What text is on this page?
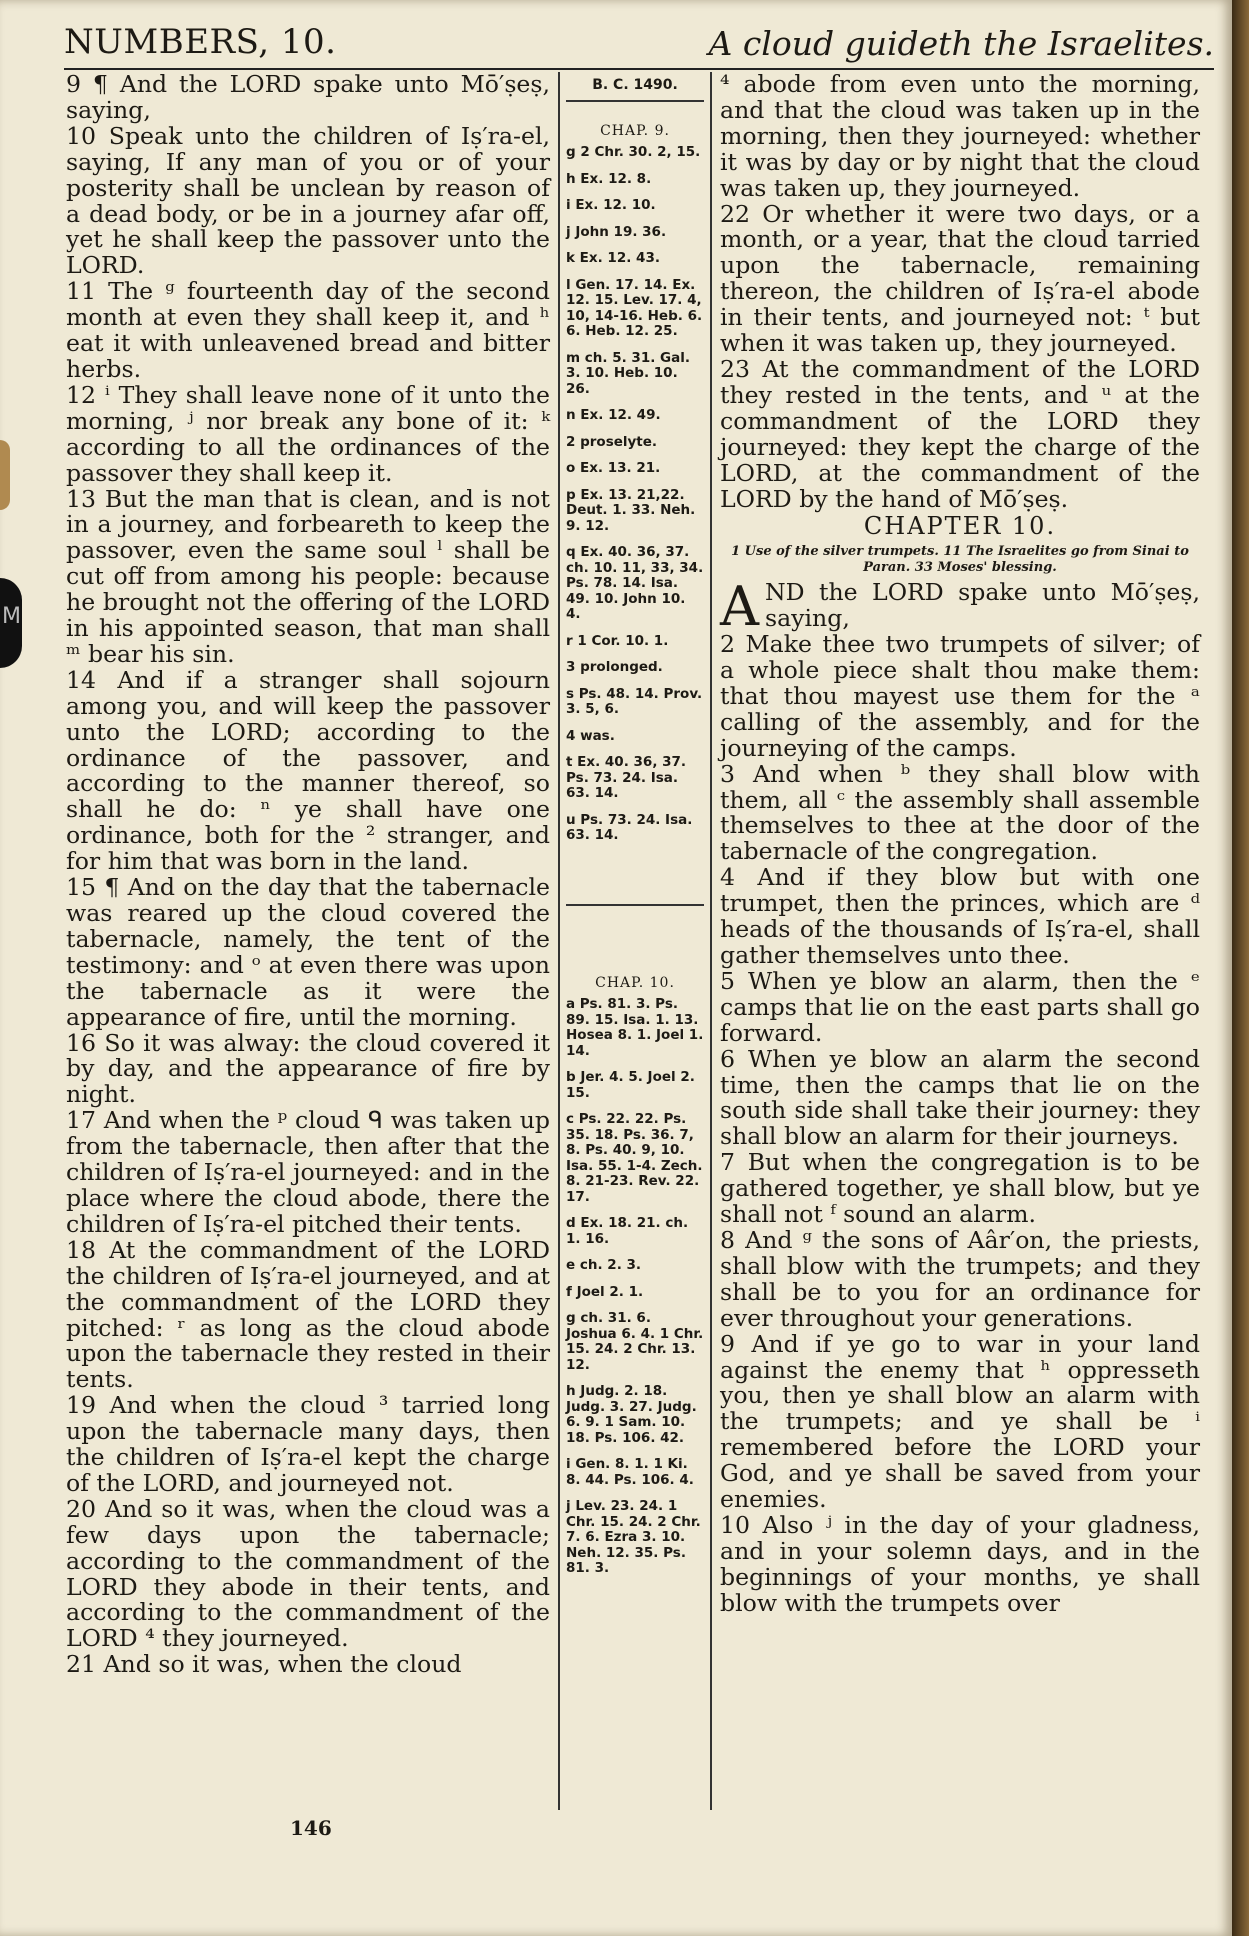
M
NUMBERS, 10.	A cloud guideth the Israelites.

9 ¶ And the LORD spake unto Mō′ṣeṣ, saying,

10 Speak unto the children of Iṣ′ra-el, saying, If any man of you or of your posterity shall be unclean by reason of a dead body, or be in a journey afar off, yet he shall keep the passover unto the LORD.

11 The ᵍ fourteenth day of the second month at even they shall keep it, and ʰ eat it with unleavened bread and bitter herbs.

12 ⁱ They shall leave none of it unto the morning, ʲ nor break any bone of it: ᵏ according to all the ordinances of the passover they shall keep it.

13 But the man that is clean, and is not in a journey, and forbeareth to keep the passover, even the same soul ˡ shall be cut off from among his people: because he brought not the offering of the LORD in his appointed season, that man shall ᵐ bear his sin.

14 And if a stranger shall sojourn among you, and will keep the passover unto the LORD; according to the ordinance of the passover, and according to the manner thereof, so shall he do: ⁿ ye shall have one ordinance, both for the ² stranger, and for him that was born in the land.

15 ¶ And on the day that the tabernacle was reared up the cloud covered the tabernacle, namely, the tent of the testimony: and ᵒ at even there was upon the tabernacle as it were the appearance of fire, until the morning.

16 So it was alway: the cloud covered it by day, and the appearance of fire by night.

17 And when the ᵖ cloud ᑫ was taken up from the tabernacle, then after that the children of Iṣ′ra-el journeyed: and in the place where the cloud abode, there the children of Iṣ′ra-el pitched their tents.

18 At the commandment of the LORD the children of Iṣ′ra-el journeyed, and at the commandment of the LORD they pitched: ʳ as long as the cloud abode upon the tabernacle they rested in their tents.

19 And when the cloud ³ tarried long upon the tabernacle many days, then the children of Iṣ′ra-el kept the charge of the LORD, and journeyed not.

20 And so it was, when the cloud was a few days upon the tabernacle; according to the commandment of the LORD they abode in their tents, and according to the commandment of the LORD ⁴ they journeyed.

21 And so it was, when the cloud

B. C. 1490.
CHAP. 9.
g 2 Chr. 30. 2, 15.
h Ex. 12. 8.
i Ex. 12. 10.
j John 19. 36.
k Ex. 12. 43.
l Gen. 17. 14. Ex. 12. 15. Lev. 17. 4, 10, 14-16. Heb. 6. 6. Heb. 12. 25.
m ch. 5. 31. Gal. 3. 10. Heb. 10. 26.
n Ex. 12. 49.
2 proselyte.
o Ex. 13. 21.
p Ex. 13. 21,22. Deut. 1. 33. Neh. 9. 12.
q Ex. 40. 36, 37. ch. 10. 11, 33, 34. Ps. 78. 14. Isa. 49. 10. John 10. 4.
r 1 Cor. 10. 1.
3 prolonged.
s Ps. 48. 14. Prov. 3. 5, 6.
4 was.
t Ex. 40. 36, 37. Ps. 73. 24. Isa. 63. 14.
u Ps. 73. 24. Isa. 63. 14.
CHAP. 10.
a Ps. 81. 3. Ps. 89. 15. Isa. 1. 13. Hosea 8. 1. Joel 1. 14.
b Jer. 4. 5. Joel 2. 15.
c Ps. 22. 22. Ps. 35. 18. Ps. 36. 7, 8. Ps. 40. 9, 10. Isa. 55. 1-4. Zech. 8. 21-23. Rev. 22. 17.
d Ex. 18. 21. ch. 1. 16.
e ch. 2. 3.
f Joel 2. 1.
g ch. 31. 6. Joshua 6. 4. 1 Chr. 15. 24. 2 Chr. 13. 12.
h Judg. 2. 18. Judg. 3. 27. Judg. 6. 9. 1 Sam. 10. 18. Ps. 106. 42.
i Gen. 8. 1. 1 Ki. 8. 44. Ps. 106. 4.
j Lev. 23. 24. 1 Chr. 15. 24. 2 Chr. 7. 6. Ezra 3. 10. Neh. 12. 35. Ps. 81. 3.

⁴ abode from even unto the morning, and that the cloud was taken up in the morning, then they journeyed: whether it was by day or by night that the cloud was taken up, they journeyed.

22 Or whether it were two days, or a month, or a year, that the cloud tarried upon the tabernacle, remaining thereon, the children of Iṣ′ra-el abode in their tents, and journeyed not: ᵗ but when it was taken up, they journeyed.

23 At the commandment of the LORD they rested in the tents, and ᵘ at the commandment of the LORD they journeyed: they kept the charge of the LORD, at the commandment of the LORD by the hand of Mō′ṣeṣ.

CHAPTER 10.
1 Use of the silver trumpets. 11 The Israelites go from Sinai to Paran. 33 Moses' blessing.

AND the LORD spake unto Mō′ṣeṣ, saying,

2 Make thee two trumpets of silver; of a whole piece shalt thou make them: that thou mayest use them for the ᵃ calling of the assembly, and for the journeying of the camps.

3 And when ᵇ they shall blow with them, all ᶜ the assembly shall assemble themselves to thee at the door of the tabernacle of the congregation.

4 And if they blow but with one trumpet, then the princes, which are ᵈ heads of the thousands of Iṣ′ra-el, shall gather themselves unto thee.

5 When ye blow an alarm, then the ᵉ camps that lie on the east parts shall go forward.

6 When ye blow an alarm the second time, then the camps that lie on the south side shall take their journey: they shall blow an alarm for their journeys.

7 But when the congregation is to be gathered together, ye shall blow, but ye shall not ᶠ sound an alarm.

8 And ᵍ the sons of Aâr′on, the priests, shall blow with the trumpets; and they shall be to you for an ordinance for ever throughout your generations.

9 And if ye go to war in your land against the enemy that ʰ oppresseth you, then ye shall blow an alarm with the trumpets; and ye shall be ⁱ remembered before the LORD your God, and ye shall be saved from your enemies.

10 Also ʲ in the day of your gladness, and in your solemn days, and in the beginnings of your months, ye shall blow with the trumpets over

146
